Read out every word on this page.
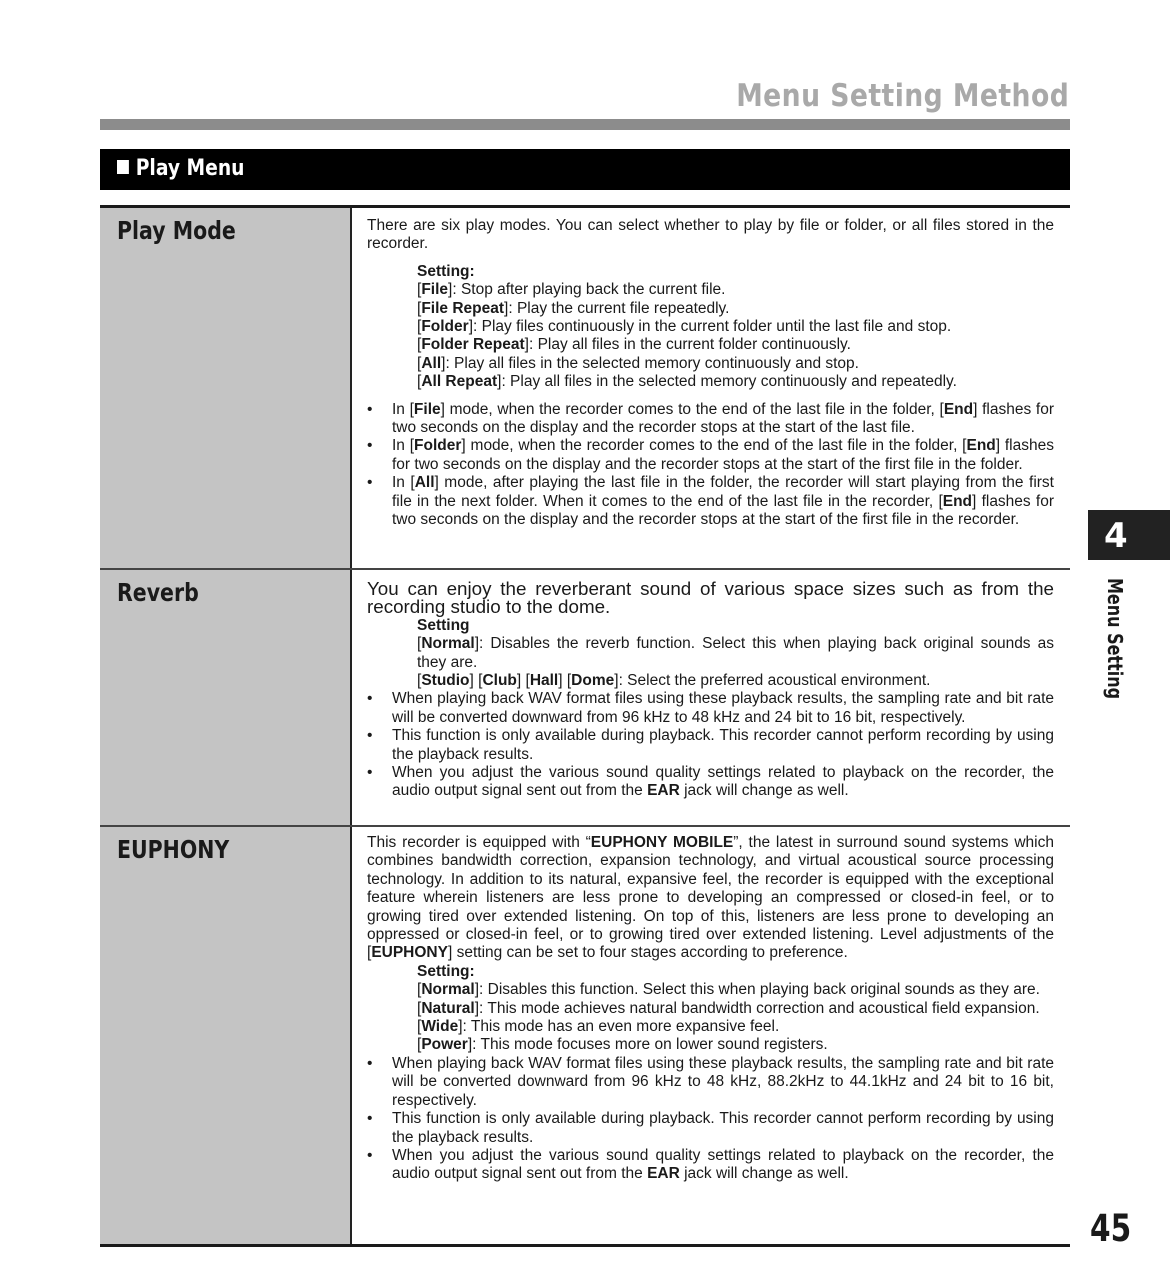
Menu Setting Method
Play Menu
Play Mode	There are six play modes. You can select whether to play by file or folder, or all files stored in the recorder.

Setting:
[File]: Stop after playing back the current file.
[File Repeat]: Play the current file repeatedly.
[Folder]: Play files continuously in the current folder until the last file and stop.
[Folder Repeat]: Play all files in the current folder continuously.
[All]: Play all files in the selected memory continuously and stop.
[All Repeat]: Play all files in the selected memory continuously and repeatedly.
• In [File] mode, when the recorder comes to the end of the last file in the folder, [End] flashes for two seconds on the display and the recorder stops at the start of the last file.
• In [Folder] mode, when the recorder comes to the end of the last file in the folder, [End] flashes for two seconds on the display and the recorder stops at the start of the first file in the folder.
• In [All] mode, after playing the last file in the folder, the recorder will start playing from the first file in the next folder. When it comes to the end of the last file in the recorder, [End] flashes for two seconds on the display and the recorder stops at the start of the first file in the recorder.
Reverb	You can enjoy the reverberant sound of various space sizes such as from the recording studio to the dome.

Setting
[Normal]: Disables the reverb function. Select this when playing back original sounds as they are.
[Studio] [Club] [Hall] [Dome]: Select the preferred acoustical environment.
• When playing back WAV format files using these playback results, the sampling rate and bit rate will be converted downward from 96 kHz to 48 kHz and 24 bit to 16 bit, respectively.
• This function is only available during playback. This recorder cannot perform recording by using the playback results.
• When you adjust the various sound quality settings related to playback on the recorder, the audio output signal sent out from the EAR jack will change as well.
EUPHONY	This recorder is equipped with “EUPHONY MOBILE”, the latest in surround sound systems which combines bandwidth correction, expansion technology, and virtual acoustical source processing technology. In addition to its natural, expansive feel, the recorder is equipped with the exceptional feature wherein listeners are less prone to developing an compressed or closed-in feel, or to growing tired over extended listening. On top of this, listeners are less prone to developing an oppressed or closed-in feel, or to growing tired over extended listening. Level adjustments of the [EUPHONY] setting can be set to four stages according to preference.

Setting:
[Normal]: Disables this function. Select this when playing back original sounds as they are.
[Natural]: This mode achieves natural bandwidth correction and acoustical field expansion.
[Wide]: This mode has an even more expansive feel.
[Power]: This mode focuses more on lower sound registers.
• When playing back WAV format files using these playback results, the sampling rate and bit rate will be converted downward from 96 kHz to 48 kHz, 88.2kHz to 44.1kHz and 24 bit to 16 bit, respectively.
• This function is only available during playback. This recorder cannot perform recording by using the playback results.
• When you adjust the various sound quality settings related to playback on the recorder, the audio output signal sent out from the EAR jack will change as well.
4
Menu Setting
45
